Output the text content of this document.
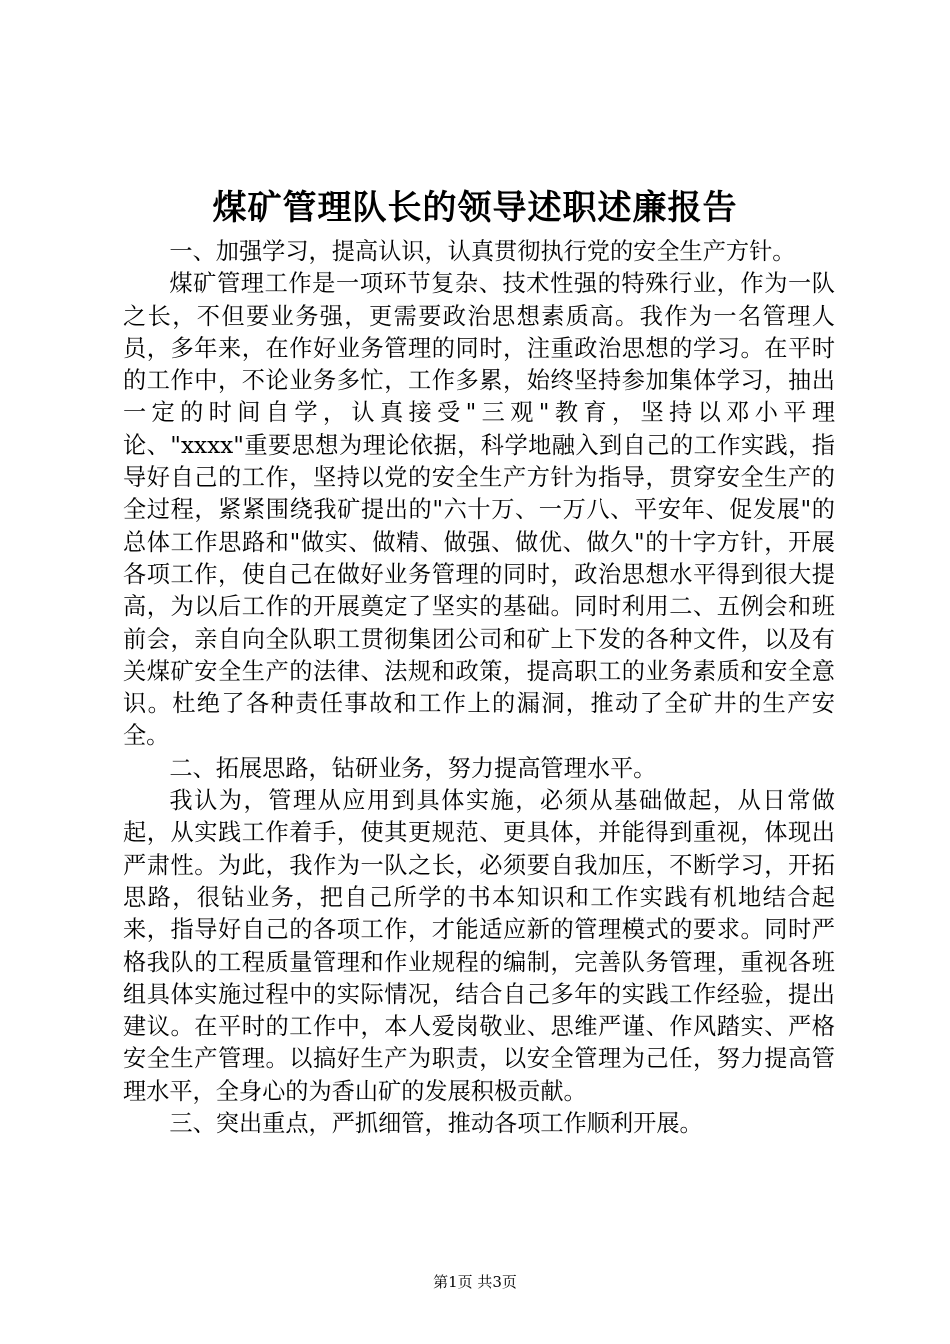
煤矿管理队长的领导述职述廉报告

一、加强学习，提高认识，认真贯彻执行党的安全生产方针。

煤矿管理工作是一项环节复杂、技术性强的特殊行业，作为一队之长，不但要业务强，更需要政治思想素质高。我作为一名管理人员，多年来，在作好业务管理的同时，注重政治思想的学习。在平时的工作中，不论业务多忙，工作多累，始终坚持参加集体学习，抽出一定的时间自学，认真接受"三观"教育，坚持以邓小平理论、"xxxx"重要思想为理论依据，科学地融入到自己的工作实践，指导好自己的工作，坚持以党的安全生产方针为指导，贯穿安全生产的全过程，紧紧围绕我矿提出的"六十万、一万八、平安年、促发展"的总体工作思路和"做实、做精、做强、做优、做久"的十字方针，开展各项工作，使自己在做好业务管理的同时，政治思想水平得到很大提高，为以后工作的开展奠定了坚实的基础。同时利用二、五例会和班前会，亲自向全队职工贯彻集团公司和矿上下发的各种文件，以及有关煤矿安全生产的法律、法规和政策，提高职工的业务素质和安全意识。杜绝了各种责任事故和工作上的漏洞，推动了全矿井的生产安全。

二、拓展思路，钻研业务，努力提高管理水平。

我认为，管理从应用到具体实施，必须从基础做起，从日常做起，从实践工作着手，使其更规范、更具体，并能得到重视，体现出严肃性。为此，我作为一队之长，必须要自我加压，不断学习，开拓思路，很钻业务，把自己所学的书本知识和工作实践有机地结合起来，指导好自己的各项工作，才能适应新的管理模式的要求。同时严格我队的工程质量管理和作业规程的编制，完善队务管理，重视各班组具体实施过程中的实际情况，结合自己多年的实践工作经验，提出建议。在平时的工作中，本人爱岗敬业、思维严谨、作风踏实、严格安全生产管理。以搞好生产为职责，以安全管理为己任，努力提高管理水平，全身心的为香山矿的发展积极贡献。

三、突出重点，严抓细管，推动各项工作顺利开展。

第1页 共3页
